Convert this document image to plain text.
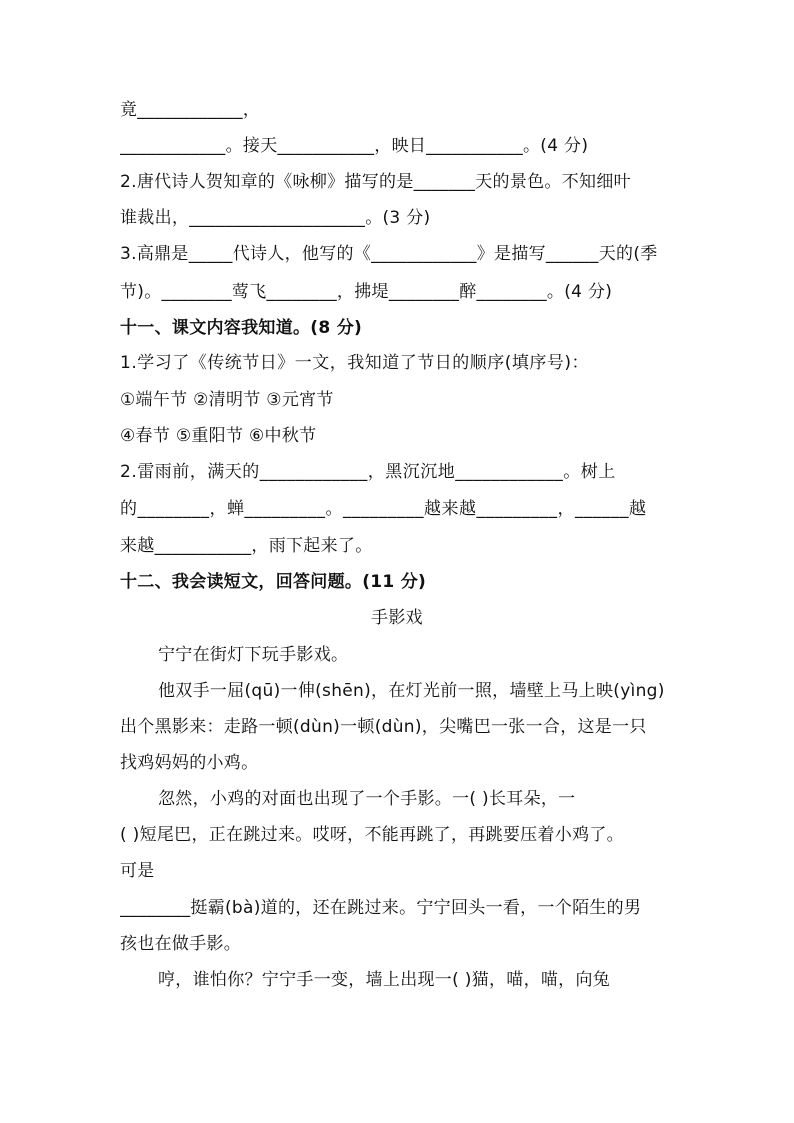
竟____________，
____________。接天___________，映日___________。(4 分)
2.唐代诗人贺知章的《咏柳》描写的是_______天的景色。不知细叶
谁裁出，____________________。(3 分)
3.高鼎是_____代诗人，他写的《____________》是描写______天的(季
节)。________莺飞________，拂堤________醉________。(4 分)
十一、课文内容我知道。(8 分)
1.学习了《传统节日》一文，我知道了节日的顺序(填序号)：
①端午节 ②清明节 ③元宵节
④春节 ⑤重阳节 ⑥中秋节
2.雷雨前，满天的____________，黑沉沉地____________。树上
的________，蝉_________。_________越来越_________，______越
来越___________，雨下起来了。
十二、我会读短文，回答问题。(11 分)
手影戏
宁宁在街灯下玩手影戏。
他双手一屈(qū)一伸(shēn)，在灯光前一照，墙壁上马上映(yìng)
出个黑影来：走路一顿(dùn)一顿(dùn)，尖嘴巴一张一合，这是一只
找鸡妈妈的小鸡。
忽然，小鸡的对面也出现了一个手影。一( )长耳朵，一
( )短尾巴，正在跳过来。哎呀，不能再跳了，再跳要压着小鸡了。
可是
________挺霸(bà)道的，还在跳过来。宁宁回头一看，一个陌生的男
孩也在做手影。
哼，谁怕你？宁宁手一变，墙上出现一( )猫，喵，喵，向兔
